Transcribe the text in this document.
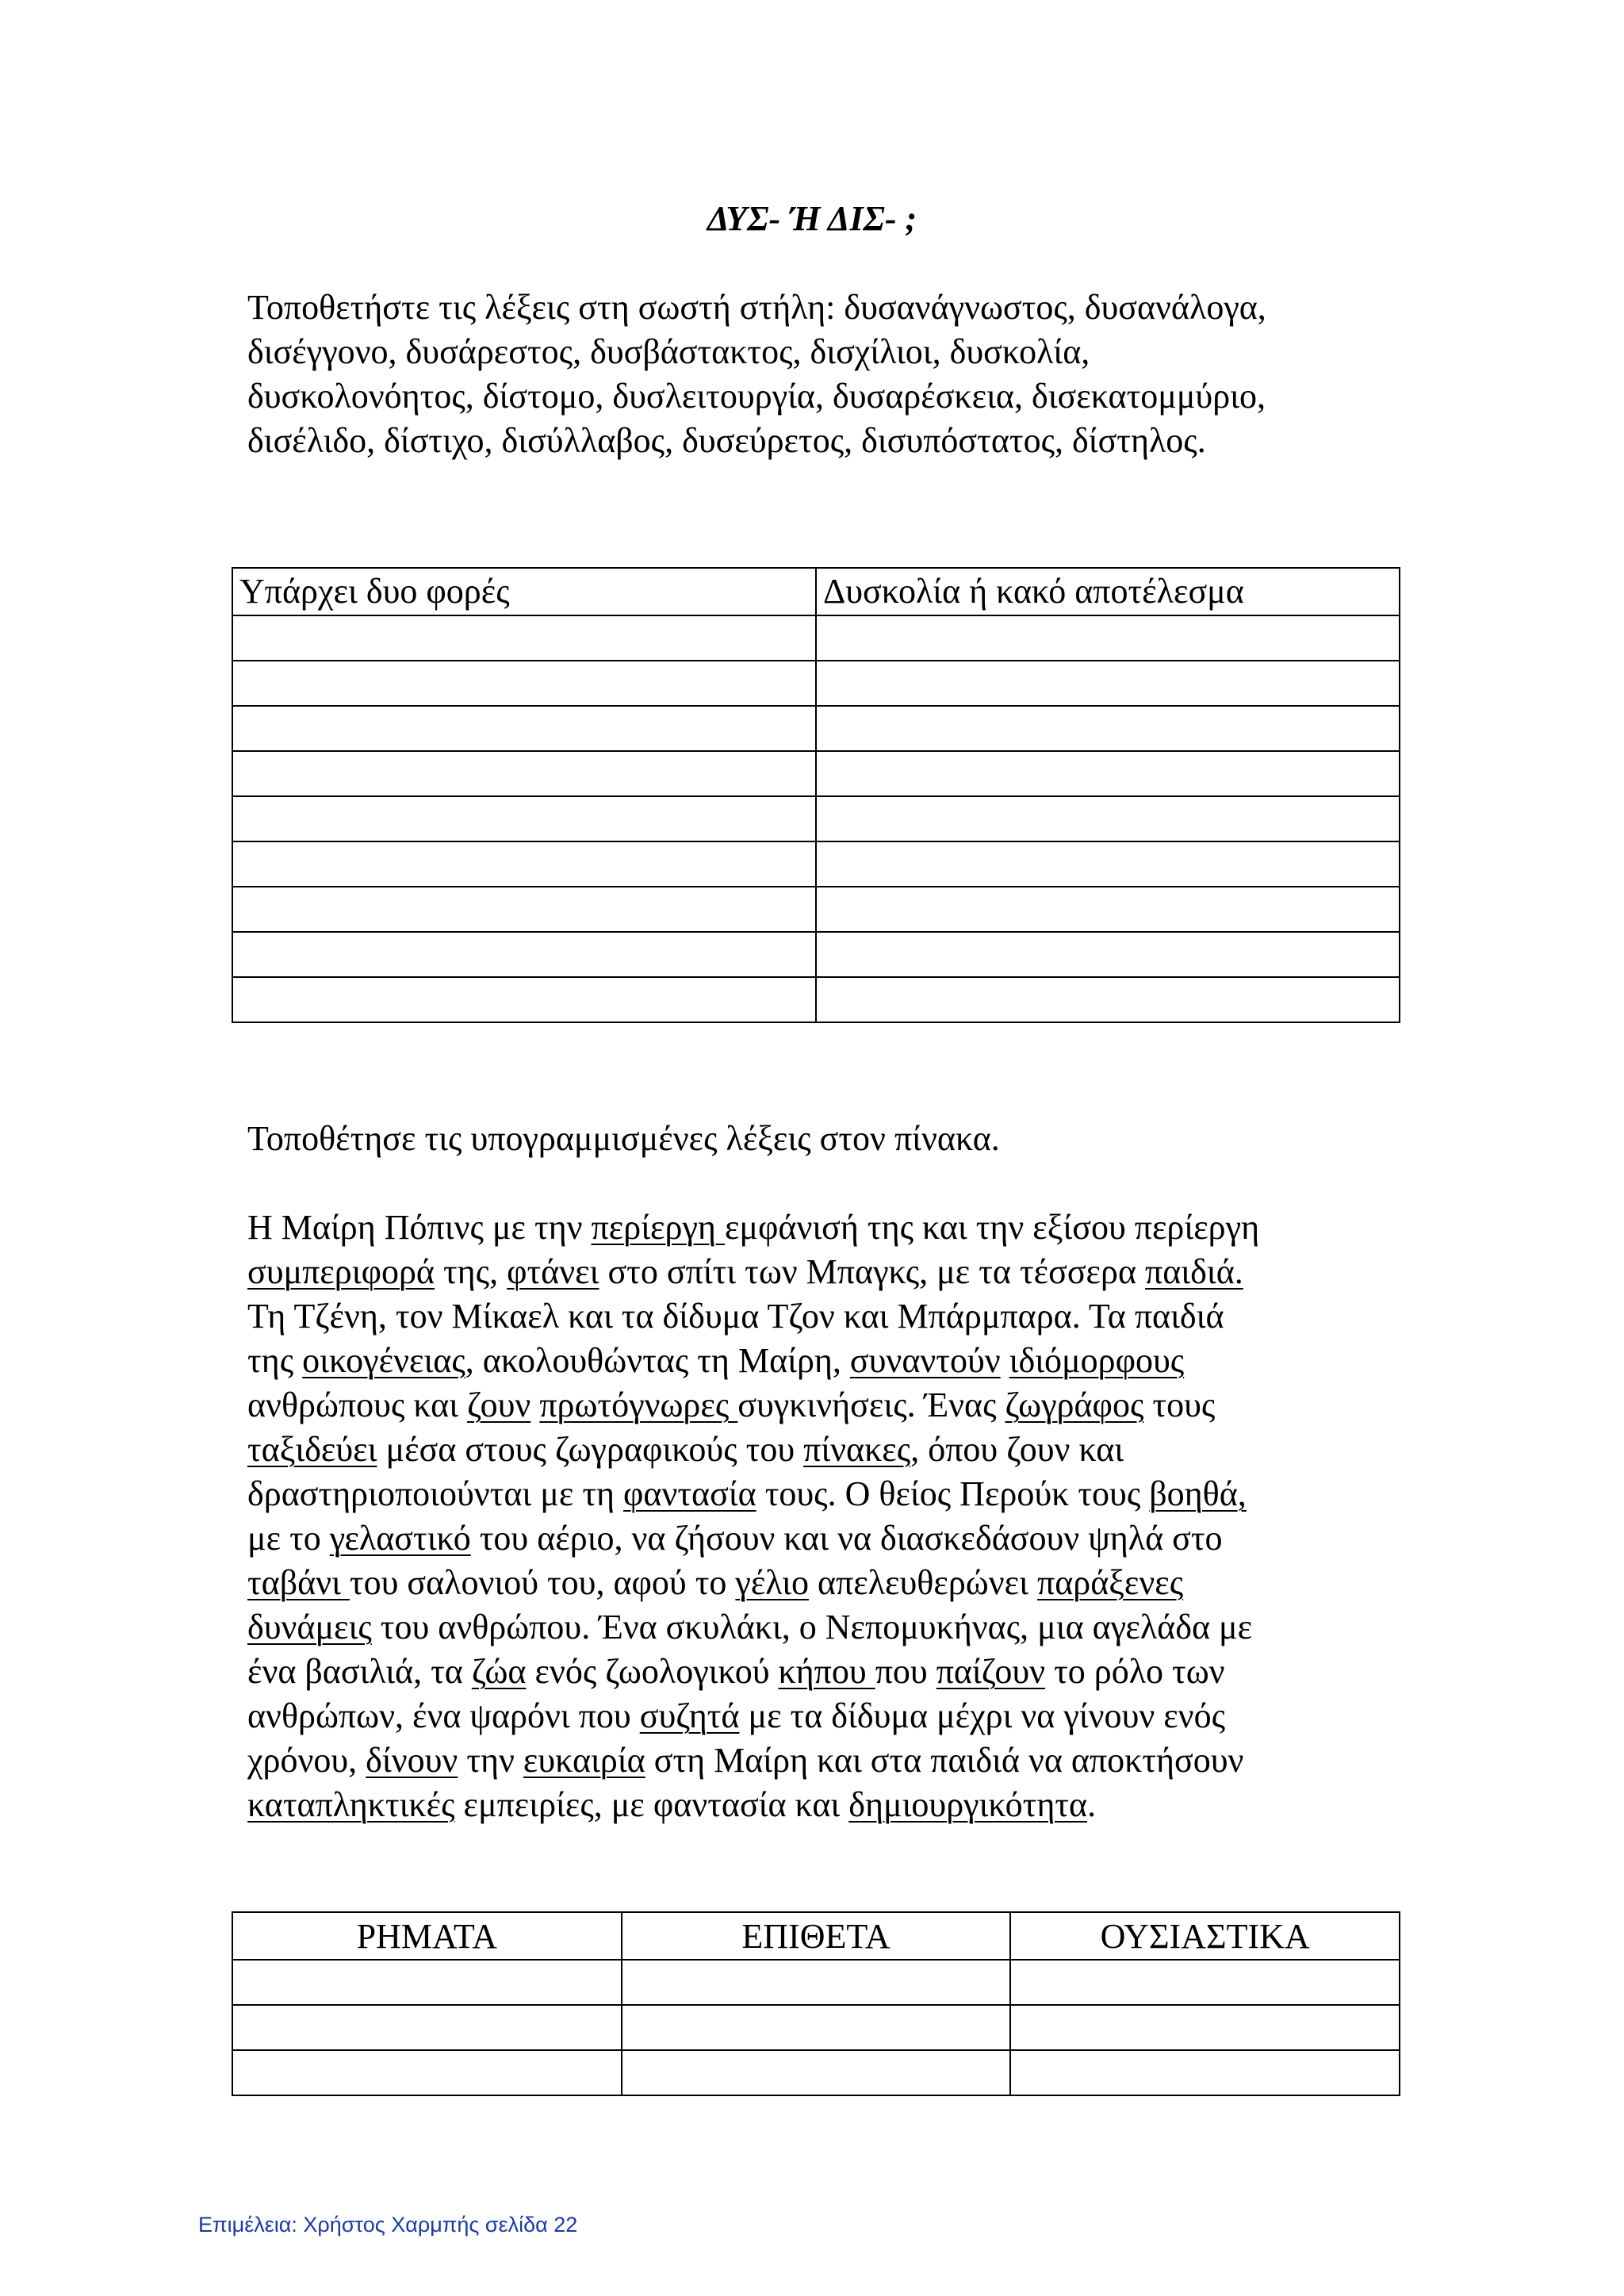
ΔΥΣ- Ή ΔΙΣ- ;
Τοποθετήστε τις λέξεις στη σωστή στήλη: δυσανάγνωστος, δυσανάλογα,
δισέγγονο, δυσάρεστος, δυσβάστακτος, δισχίλιοι, δυσκολία,
δυσκολονόητος, δίστομο, δυσλειτουργία, δυσαρέσκεια, δισεκατομμύριο,
δισέλιδο, δίστιχο, δισύλλαβος, δυσεύρετος, δισυπόστατος, δίστηλος.
Υπάρχει δυο φορές	Δυσκολία ή κακό αποτέλεσμα

Τοποθέτησε τις υπογραμμισμένες λέξεις στον πίνακα.

Η Μαίρη Πόπινς με την περίεργη εμφάνισή της και την εξίσου περίεργη

συμπεριφορά της, φτάνει στο σπίτι των Μπαγκς, με τα τέσσερα παιδιά.

Τη Τζένη, τον Μίκαελ και τα δίδυμα Τζον και Μπάρμπαρα. Τα παιδιά

της οικογένειας, ακολουθώντας τη Μαίρη, συναντούν ιδιόμορφους

ανθρώπους και ζουν πρωτόγνωρες συγκινήσεις. Ένας ζωγράφος τους

ταξιδεύει μέσα στους ζωγραφικούς του πίνακες, όπου ζουν και

δραστηριοποιούνται με τη φαντασία τους. Ο θείος Περούκ τους βοηθά,

με το γελαστικό του αέριο, να ζήσουν και να διασκεδάσουν ψηλά στο

ταβάνι του σαλονιού του, αφού το γέλιο απελευθερώνει παράξενες

δυνάμεις του ανθρώπου. Ένα σκυλάκι, ο Νεπομυκήνας, μια αγελάδα με

ένα βασιλιά, τα ζώα ενός ζωολογικού κήπου που παίζουν το ρόλο των

ανθρώπων, ένα ψαρόνι που συζητά με τα δίδυμα μέχρι να γίνουν ενός

χρόνου, δίνουν την ευκαιρία στη Μαίρη και στα παιδιά να αποκτήσουν

καταπληκτικές εμπειρίες, με φαντασία και δημιουργικότητα.

ΡΗΜΑΤΑ	ΕΠΙΘΕΤΑ	ΟΥΣΙΑΣΤΙΚΑ

Επιμέλεια: Χρήστος Χαρμπής σελίδα 22
